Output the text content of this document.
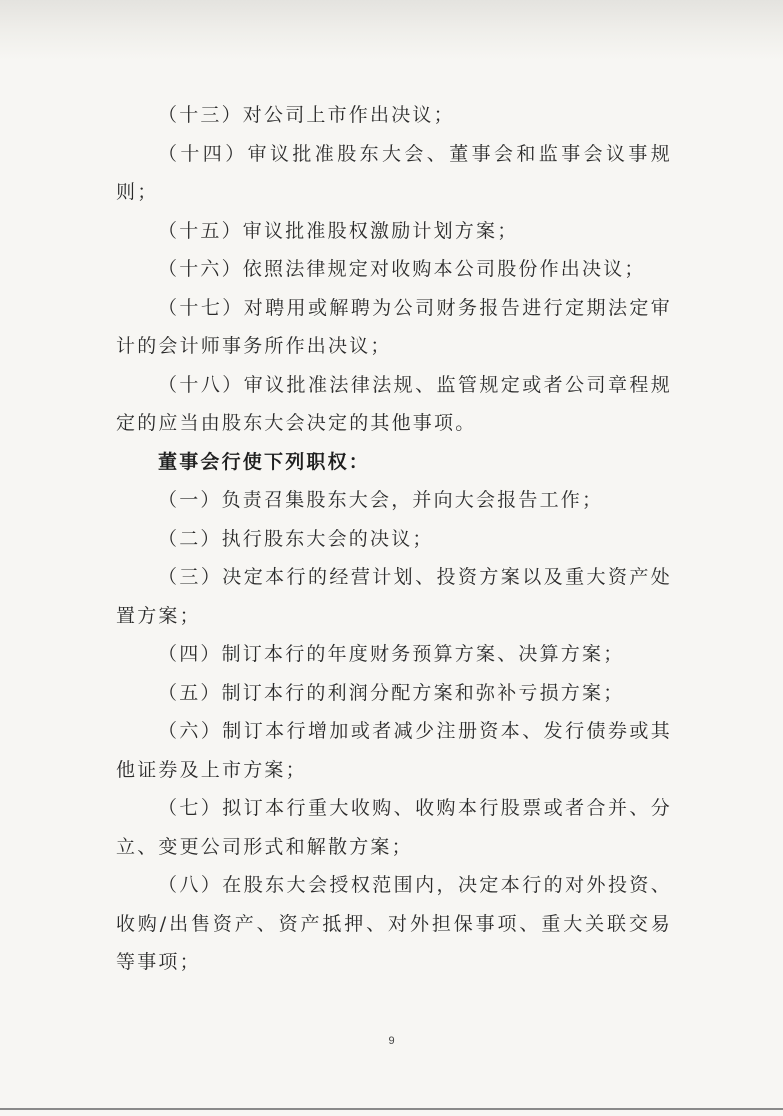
（十三）对公司上市作出决议；

（十四）审议批准股东大会、董事会和监事会议事规则；

（十五）审议批准股权激励计划方案；

（十六）依照法律规定对收购本公司股份作出决议；

（十七）对聘用或解聘为公司财务报告进行定期法定审计的会计师事务所作出决议；

（十八）审议批准法律法规、监管规定或者公司章程规定的应当由股东大会决定的其他事项。

董事会行使下列职权：

（一）负责召集股东大会，并向大会报告工作；

（二）执行股东大会的决议；

（三）决定本行的经营计划、投资方案以及重大资产处置方案；

（四）制订本行的年度财务预算方案、决算方案；

（五）制订本行的利润分配方案和弥补亏损方案；

（六）制订本行增加或者减少注册资本、发行债券或其他证券及上市方案；

（七）拟订本行重大收购、收购本行股票或者合并、分立、变更公司形式和解散方案；

（八）在股东大会授权范围内，决定本行的对外投资、收购/出售资产、资产抵押、对外担保事项、重大关联交易等事项；

9
